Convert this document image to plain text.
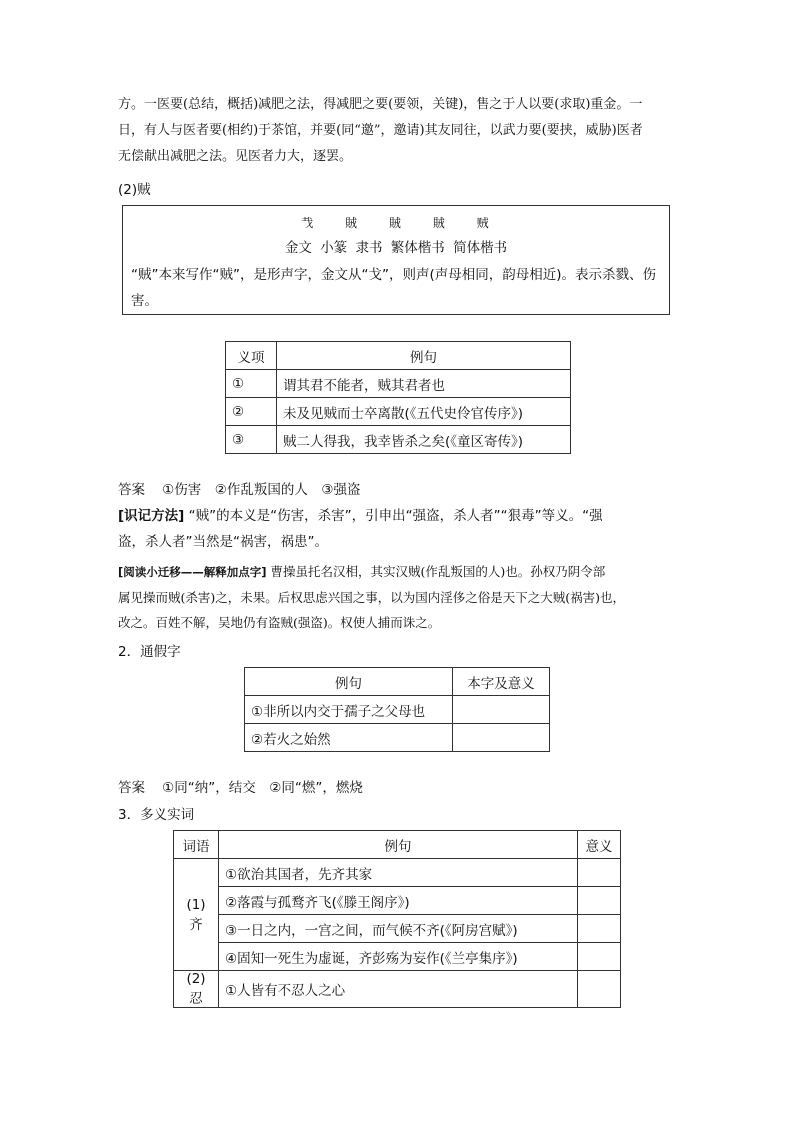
方。一医要(总结，概括)减肥之法，得减肥之要(要领，关键)，售之于人以要(求取)重金。一
日，有人与医者要(相约)于茶馆，并要(同“邀”，邀请)其友同往，以武力要(要挟，威胁)医者
无偿献出减肥之法。见医者力大，逐罢。
(2)贼
𢦏 賊 賊 賊 贼
金文 小篆 隶书 繁体楷书 简体楷书
“贼”本来写作“贼”，是形声字，金文从“戈”，则声(声母相同，韵母相近)。表示杀戮、伤害。
义项	例句
①	谓其君不能者，贼其君者也
②	未及见贼而士卒离散(《五代史伶官传序》)
③	贼二人得我，我幸皆杀之矣(《童区寄传》)
答案 ①伤害　②作乱叛国的人　③强盗
[识记方法] “贼”的本义是“伤害，杀害”，引申出“强盗，杀人者”“狠毒”等义。“强
盗，杀人者”当然是“祸害，祸患”。
[阅读小迁移——解释加点字] 曹操虽托名汉相，其实汉贼(作乱叛国的人)也。孙权乃阴令部
属见操而贼(杀害)之，未果。后权思虑兴国之事，以为国内淫侈之俗是天下之大贼(祸害)也，
改之。百姓不解，吴地仍有盗贼(强盗)。权使人捕而诛之。
2．通假字
例句	本字及意义
①非所以内交于孺子之父母也	
②若火之始然	
答案 ①同“纳”，结交　②同“燃”，燃烧
3．多义实词
词语	例句	意义
(1)齐	①欲治其国者，先齐其家	
	②落霞与孤鹜齐飞(《滕王阁序》)	
	③一日之内，一宫之间，而气候不齐(《阿房宫赋》)	
	④固知一死生为虚诞，齐彭殇为妄作(《兰亭集序》)	
(2)忍	①人皆有不忍人之心	
